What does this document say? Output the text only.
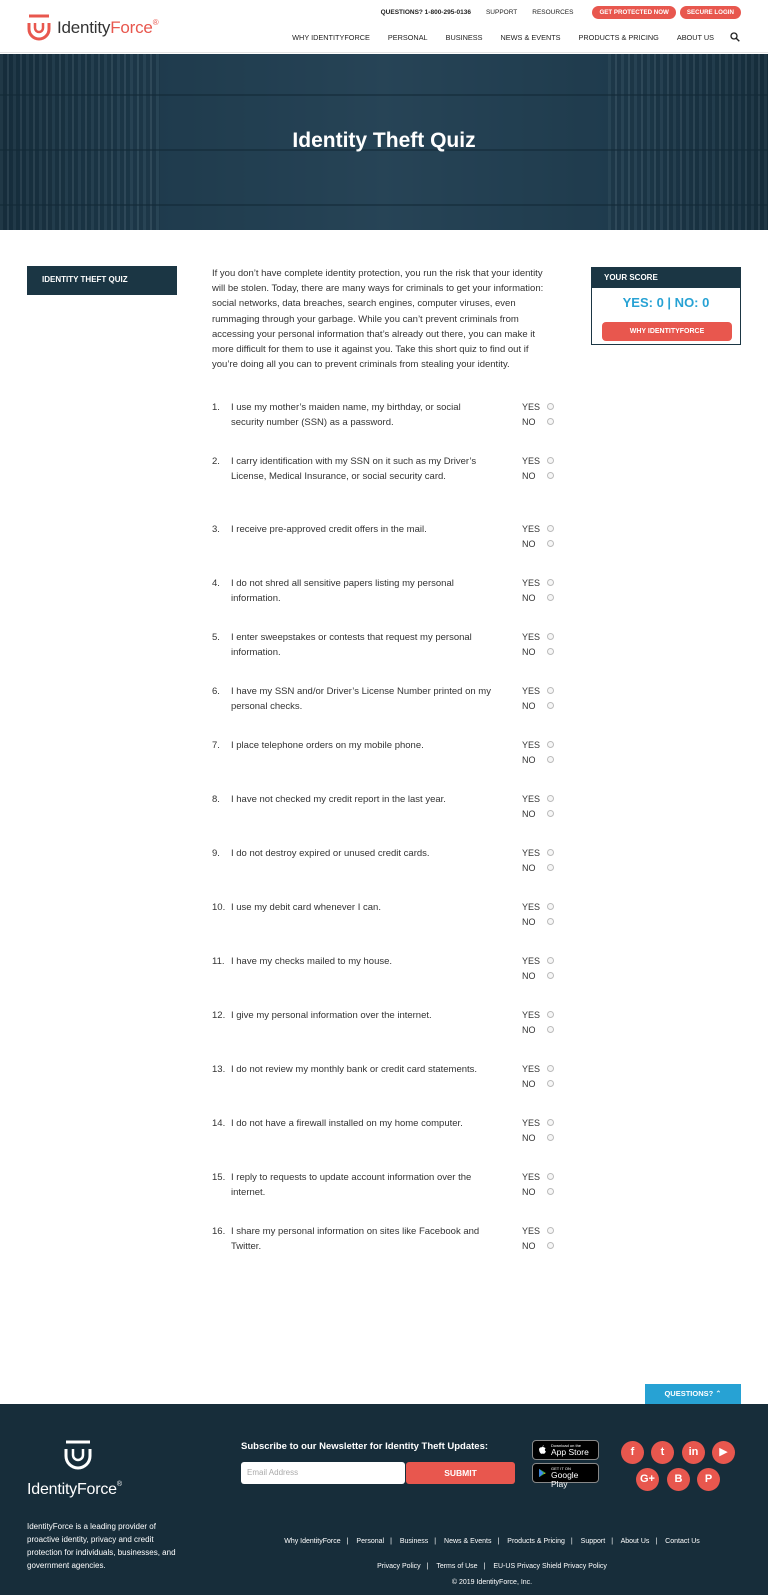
IdentityForce®
QUESTIONS? 1-800-295-0136 SUPPORT RESOURCES	GET PROTECTED NOW	SECURE LOGIN
WHY IDENTITYFORCE PERSONAL BUSINESS NEWS & EVENTS PRODUCTS & PRICING ABOUT US
Identity Theft Quiz
IDENTITY THEFT QUIZ

If you don’t have complete identity protection, you run the risk that your identity will be stolen. Today, there are many ways for criminals to get your information: social networks, data breaches, search engines, computer viruses, even rummaging through your garbage. While you can’t prevent criminals from accessing your personal information that’s already out there, you can make it more difficult for them to use it against you. Take this short quiz to find out if you’re doing all you can to prevent criminals from stealing your identity.

1. I use my mother’s maiden name, my birthday, or social security number (SSN) as a password.
YES
NO
2. I carry identification with my SSN on it such as my Driver’s License, Medical Insurance, or social security card.
YES
NO
3. I receive pre-approved credit offers in the mail.	YES
NO
4. I do not shred all sensitive papers listing my personal information.
YES
NO
5. I enter sweepstakes or contests that request my personal information.
YES
NO
6. I have my SSN and/or Driver’s License Number printed on my personal checks.
YES
NO
7. I place telephone orders on my mobile phone.	YES
NO
8. I have not checked my credit report in the last year.	YES
NO
9. I do not destroy expired or unused credit cards.	YES
NO
10. I use my debit card whenever I can.	YES
NO
11. I have my checks mailed to my house.	YES
NO
12. I give my personal information over the internet.	YES
NO
13. I do not review my monthly bank or credit card statements.	YES
NO
14. I do not have a firewall installed on my home computer.	YES
NO
15. I reply to requests to update account information over the internet.
YES
NO
16. I share my personal information on sites like Facebook and Twitter.
YES
NO
YOUR SCORE
YES: 0 | NO: 0
WHY IDENTITYFORCE
QUESTIONS? ⌃
IdentityForce®

IdentityForce is a leading provider of proactive identity, privacy and credit protection for individuals, businesses, and government agencies.

Subscribe to our Newsletter for Identity Theft Updates:
Email Address	SUBMIT
Download on the
App Store
GET IT ON
Google Play
f	t	in	▶
G+	B	P
Why IdentityForce | Personal | Business | News & Events | Products & Pricing | Support | About Us | Contact Us
Privacy Policy | Terms of Use | EU-US Privacy Shield Privacy Policy
© 2019 IdentityForce, Inc.
